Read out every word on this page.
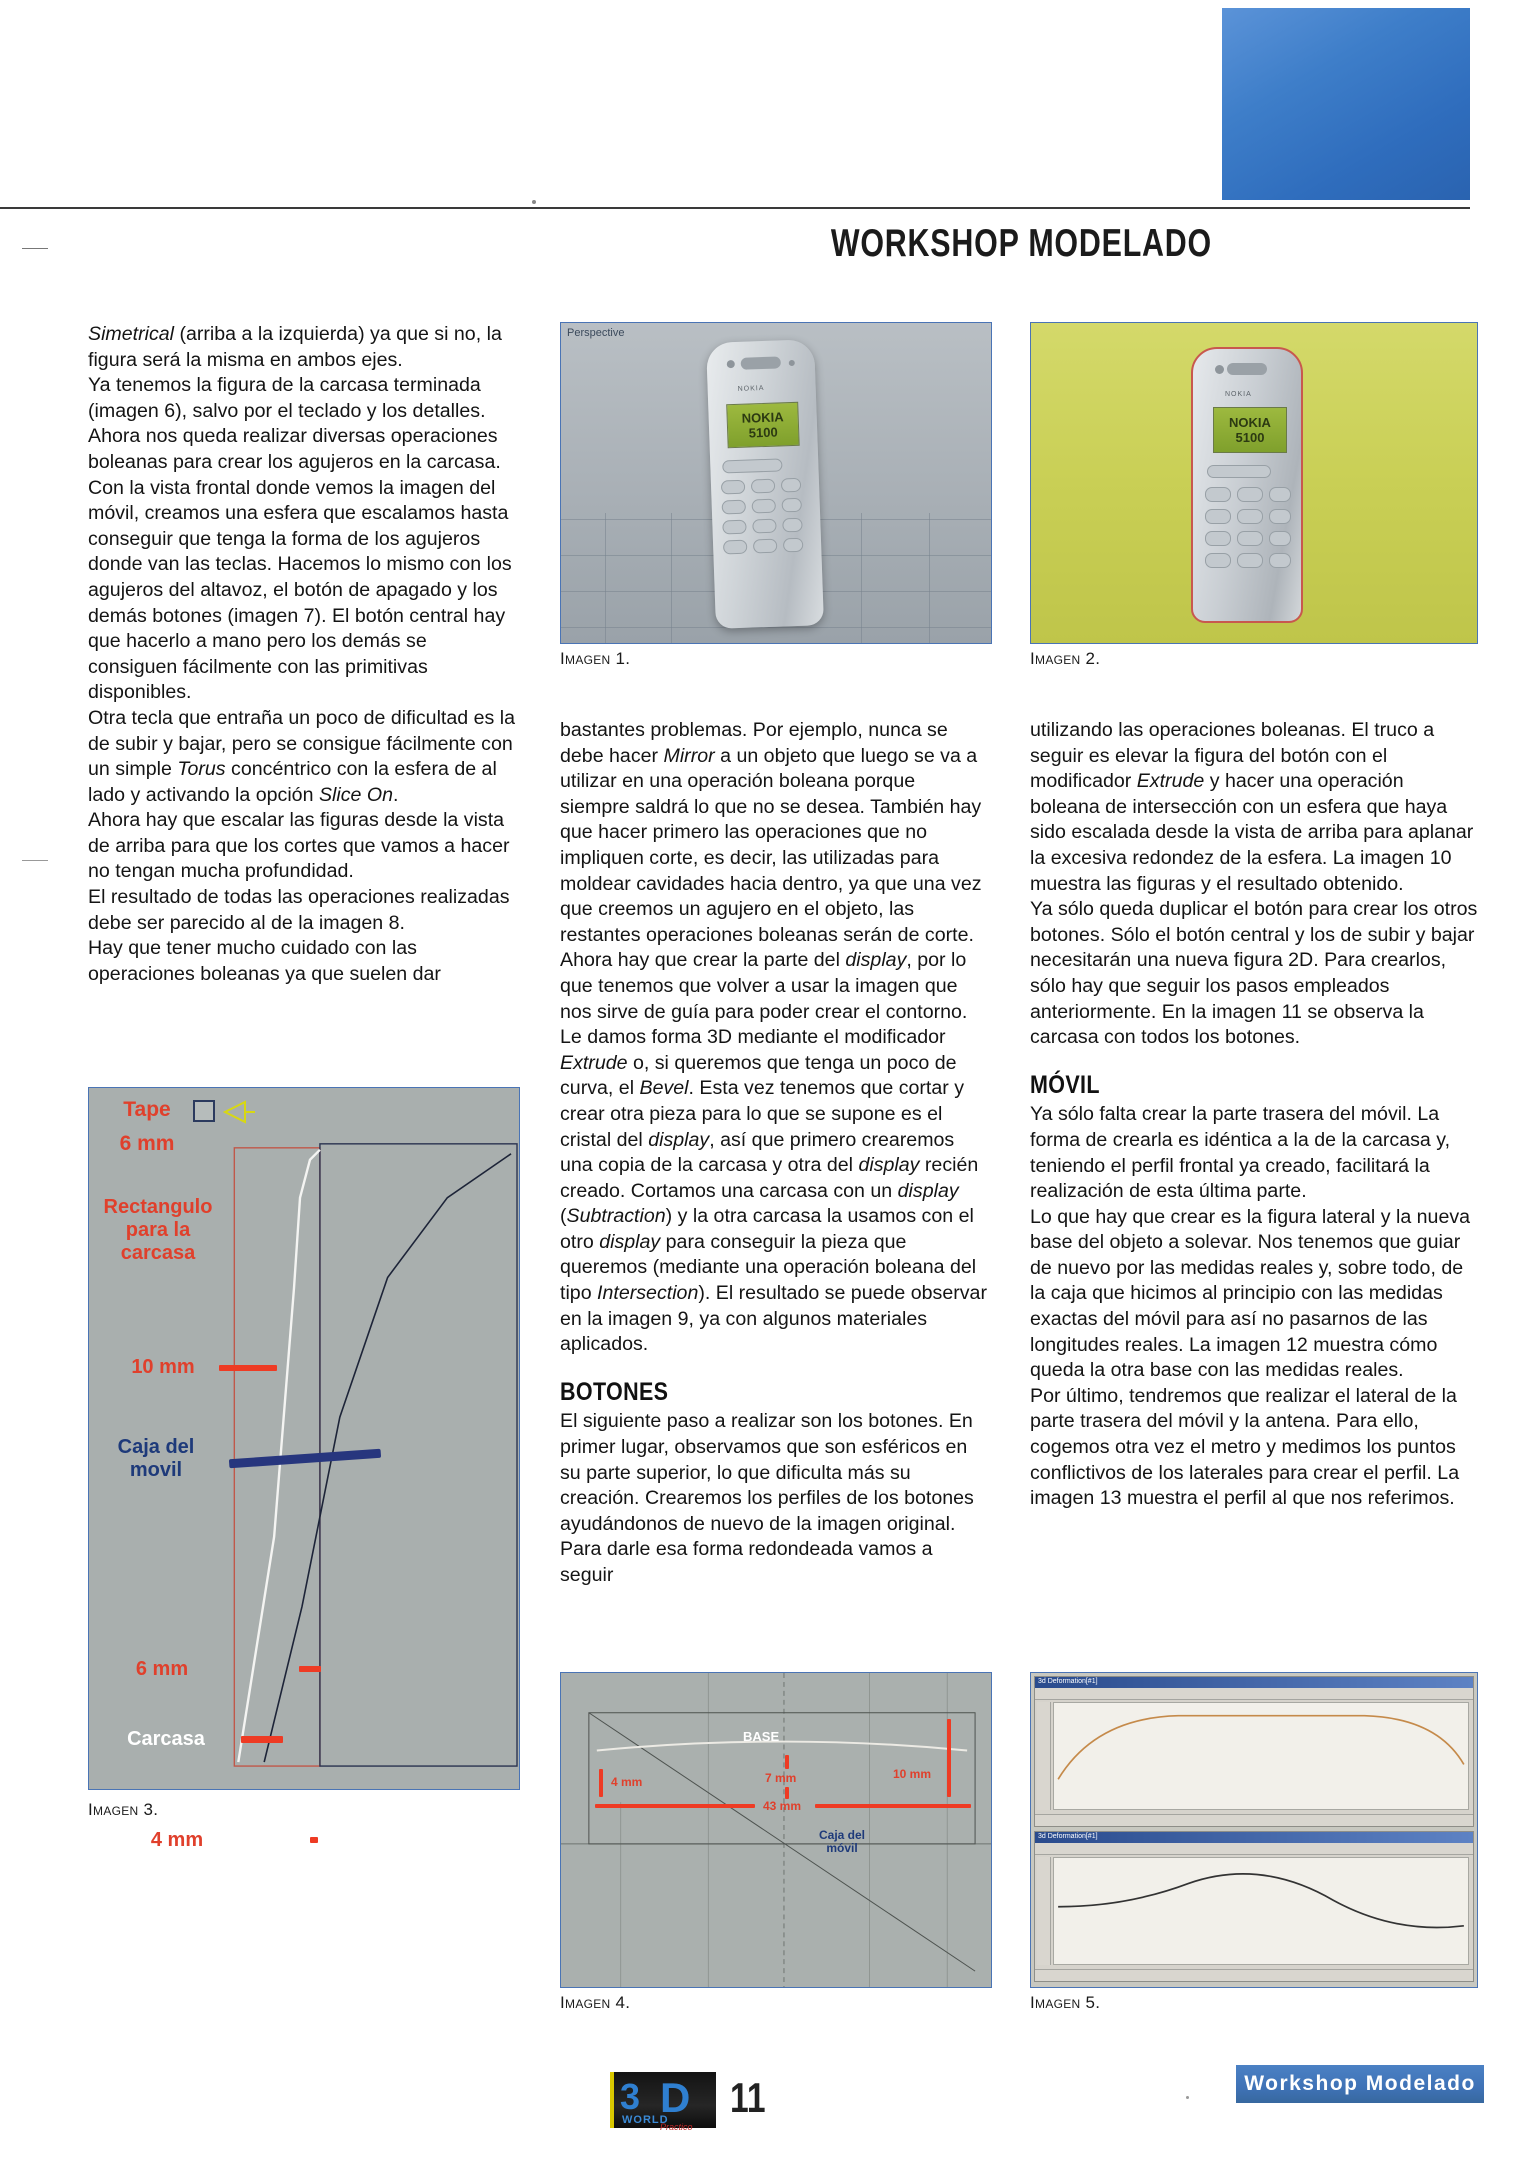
WORKSHOP MODELADO

Simetrical (arriba a la izquierda) ya que si no, la figura será la misma en ambos ejes.

Ya tenemos la figura de la carcasa terminada (imagen 6), salvo por el teclado y los detalles. Ahora nos queda realizar diversas operaciones boleanas para crear los agujeros en la carcasa. Con la vista frontal donde vemos la imagen del móvil, creamos una esfera que escalamos hasta conseguir que tenga la forma de los agujeros donde van las teclas. Hacemos lo mismo con los agujeros del altavoz, el botón de apagado y los demás botones (imagen 7). El botón central hay que hacerlo a mano pero los demás se consiguen fácilmente con las primitivas disponibles.

Otra tecla que entraña un poco de dificultad es la de subir y bajar, pero se consigue fácilmente con un simple Torus concéntrico con la esfera de al lado y activando la opción Slice On.

Ahora hay que escalar las figuras desde la vista de arriba para que los cortes que vamos a hacer no tengan mucha profundidad.

El resultado de todas las operaciones realizadas debe ser parecido al de la imagen 8.

Hay que tener mucho cuidado con las operaciones boleanas ya que suelen dar

bastantes problemas. Por ejemplo, nunca se debe hacer Mirror a un objeto que luego se va a utilizar en una operación boleana porque siempre saldrá lo que no se desea. También hay que hacer primero las operaciones que no impliquen corte, es decir, las utilizadas para moldear cavidades hacia dentro, ya que una vez que creemos un agujero en el objeto, las restantes operaciones boleanas serán de corte. Ahora hay que crear la parte del display, por lo que tenemos que volver a usar la imagen que nos sirve de guía para poder crear el contorno. Le damos forma 3D mediante el modificador Extrude o, si queremos que tenga un poco de curva, el Bevel. Esta vez tenemos que cortar y crear otra pieza para lo que se supone es el cristal del display, así que primero crearemos una copia de la carcasa y otra del display recién creado. Cortamos una carcasa con un display (Subtraction) y la otra carcasa la usamos con el otro display para conseguir la pieza que queremos (mediante una operación boleana del tipo Intersection). El resultado se puede observar en la imagen 9, ya con algunos materiales aplicados.

BOTONES

El siguiente paso a realizar son los botones. En primer lugar, observamos que son esféricos en su parte superior, lo que dificulta más su creación. Crearemos los perfiles de los botones ayudándonos de nuevo de la imagen original. Para darle esa forma redondeada vamos a seguir

utilizando las operaciones boleanas. El truco a seguir es elevar la figura del botón con el modificador Extrude y hacer una operación boleana de intersección con un esfera que haya sido escalada desde la vista de arriba para aplanar la excesiva redondez de la esfera. La imagen 10 muestra las figuras y el resultado obtenido.

Ya sólo queda duplicar el botón para crear los otros botones. Sólo el botón central y los de subir y bajar necesitarán una nueva figura 2D. Para crearlos, sólo hay que seguir los pasos empleados anteriormente. En la imagen 11 se observa la carcasa con todos los botones.

MÓVIL

Ya sólo falta crear la parte trasera del móvil. La forma de crearla es idéntica a la de la carcasa y, teniendo el perfil frontal ya creado, facilitará la realización de esta última parte.

Lo que hay que crear es la figura lateral y la nueva base del objeto a solevar. Nos tenemos que guiar de nuevo por las medidas reales y, sobre todo, de la caja que hicimos al principio con las medidas exactas del móvil para así no pasarnos de las longitudes reales. La imagen 12 muestra cómo queda la otra base con las medidas reales.

Por último, tendremos que realizar el lateral de la parte trasera del móvil y la antena. Para ello, cogemos otra vez el metro y medimos los puntos conflictivos de los laterales para crear el perfil. La imagen 13 muestra el perfil al que nos referimos.

Perspective
NOKIA
NOKIA
5100
Imagen 1.
NOKIA
NOKIA
5100
Imagen 2.
Tape
6 mm
Rectangulo
para la
carcasa
10 mm
Caja del
movil
6 mm
Carcasa
4 mm
Imagen 3.
BASE
4 mm	7 mm	10 mm
43 mm
Caja del
móvil
Imagen 4.
3d Deformation[#1]
3d Deformation[#1]
Imagen 5.
3 D
WORLD
Practico
11	Workshop Modelado
